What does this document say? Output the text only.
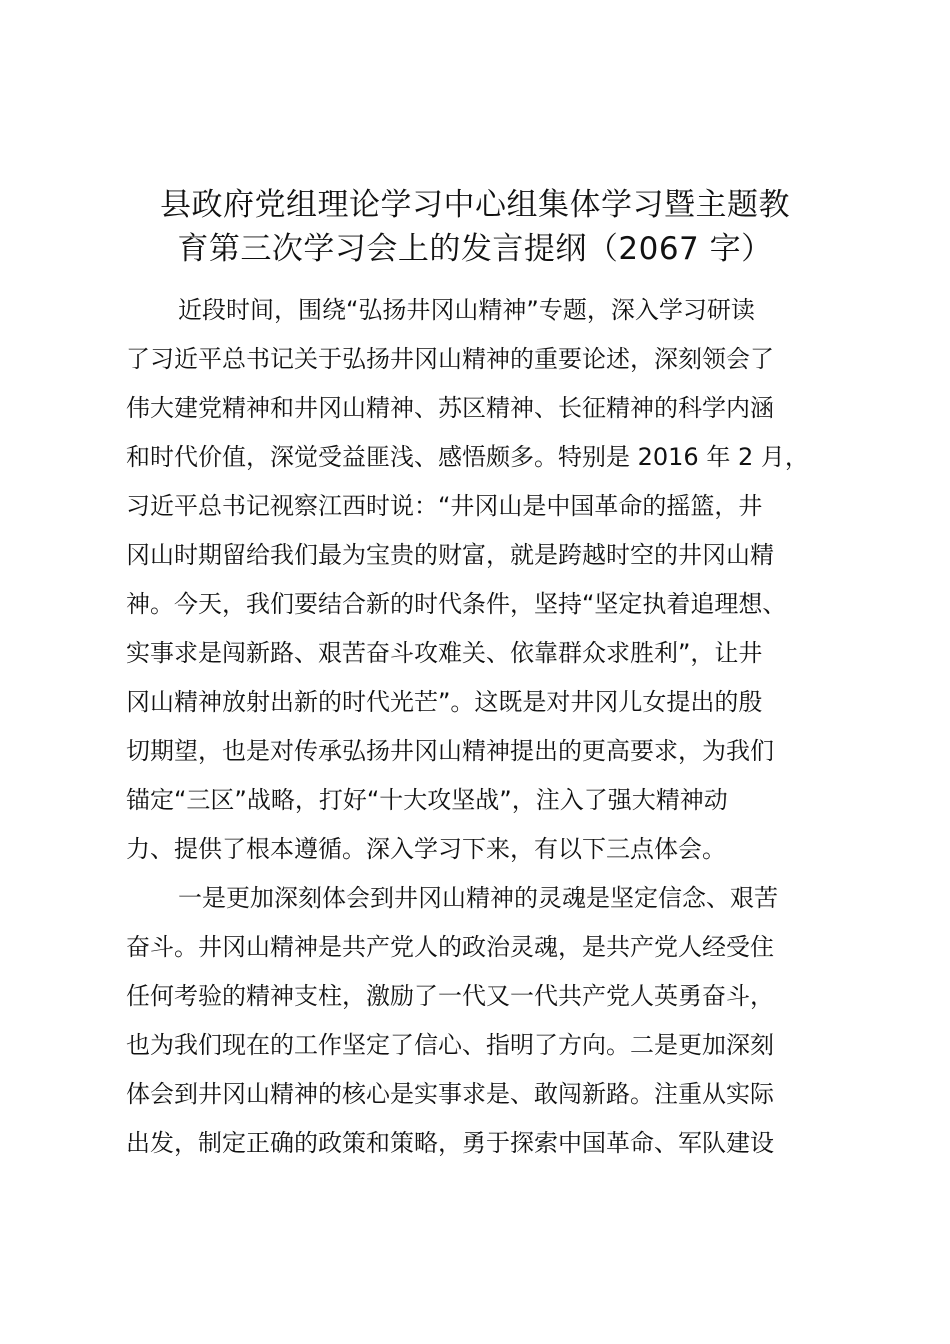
县政府党组理论学习中心组集体学习暨主题教
育第三次学习会上的发言提纲（2067 字）
近段时间，围绕“弘扬井冈山精神”专题，深入学习研读
了习近平总书记关于弘扬井冈山精神的重要论述，深刻领会了
伟大建党精神和井冈山精神、苏区精神、长征精神的科学内涵
和时代价值，深觉受益匪浅、感悟颇多。特别是 2016 年 2 月，
习近平总书记视察江西时说：“井冈山是中国革命的摇篮，井
冈山时期留给我们最为宝贵的财富，就是跨越时空的井冈山精
神。今天，我们要结合新的时代条件，坚持“坚定执着追理想、
实事求是闯新路、艰苦奋斗攻难关、依靠群众求胜利”，让井
冈山精神放射出新的时代光芒”。这既是对井冈儿女提出的殷
切期望，也是对传承弘扬井冈山精神提出的更高要求，为我们
锚定“三区”战略，打好“十大攻坚战”，注入了强大精神动
力、提供了根本遵循。深入学习下来，有以下三点体会。
一是更加深刻体会到井冈山精神的灵魂是坚定信念、艰苦
奋斗。井冈山精神是共产党人的政治灵魂，是共产党人经受住
任何考验的精神支柱，激励了一代又一代共产党人英勇奋斗，
也为我们现在的工作坚定了信心、指明了方向。二是更加深刻
体会到井冈山精神的核心是实事求是、敢闯新路。注重从实际
出发，制定正确的政策和策略，勇于探索中国革命、军队建设
